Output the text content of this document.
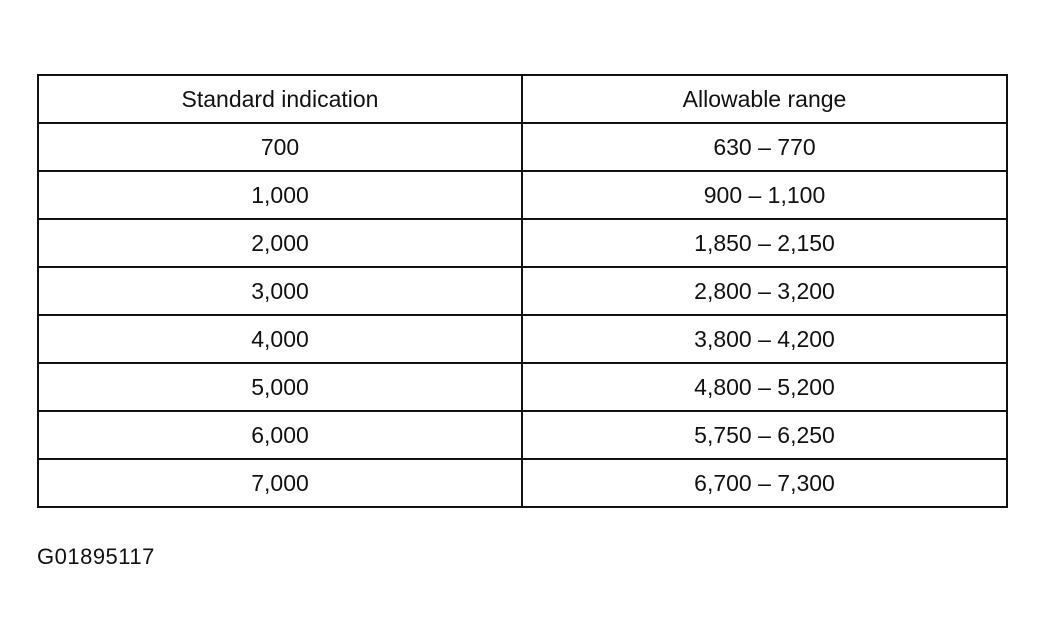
Standard indication	Allowable range
700	630 – 770
1,000	900 – 1,100
2,000	1,850 – 2,150
3,000	2,800 – 3,200
4,000	3,800 – 4,200
5,000	4,800 – 5,200
6,000	5,750 – 6,250
7,000	6,700 – 7,300
G01895117
